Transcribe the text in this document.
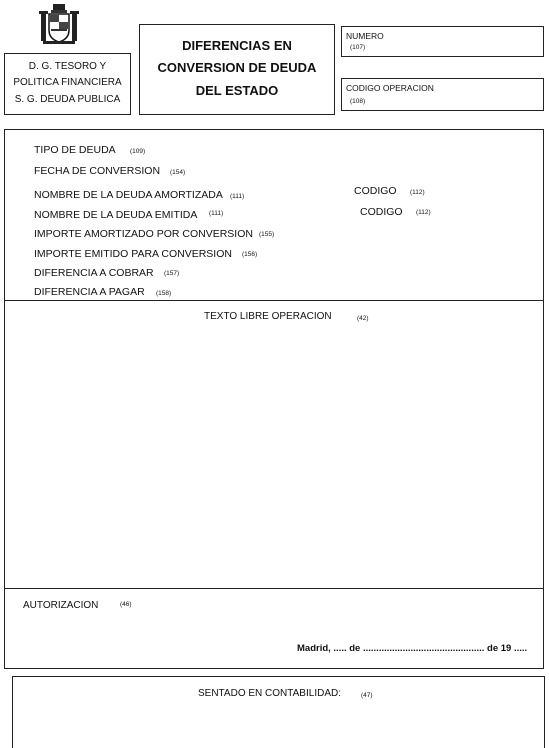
D. G. TESORO Y
POLITICA FINANCIERA
S. G. DEUDA PUBLICA
DIFERENCIAS EN
CONVERSION DE DEUDA
DEL ESTADO
NUMERO
(107)
CODIGO OPERACION
(108)
TIPO DE DEUDA (109)
FECHA DE CONVERSION (154)
NOMBRE DE LA DEUDA AMORTIZADA (111)	CODIGO (112)
NOMBRE DE LA DEUDA EMITIDA (111)	CODIGO (112)
IMPORTE AMORTIZADO POR CONVERSION (155)
IMPORTE EMITIDO PARA CONVERSION (156)
DIFERENCIA A COBRAR (157)
DIFERENCIA A PAGAR (158)
TEXTO LIBRE OPERACION	(42)
AUTORIZACION	(46)
Madrid, ..... de .............................................. de 19 .....
SENTADO EN CONTABILIDAD:	(47)
